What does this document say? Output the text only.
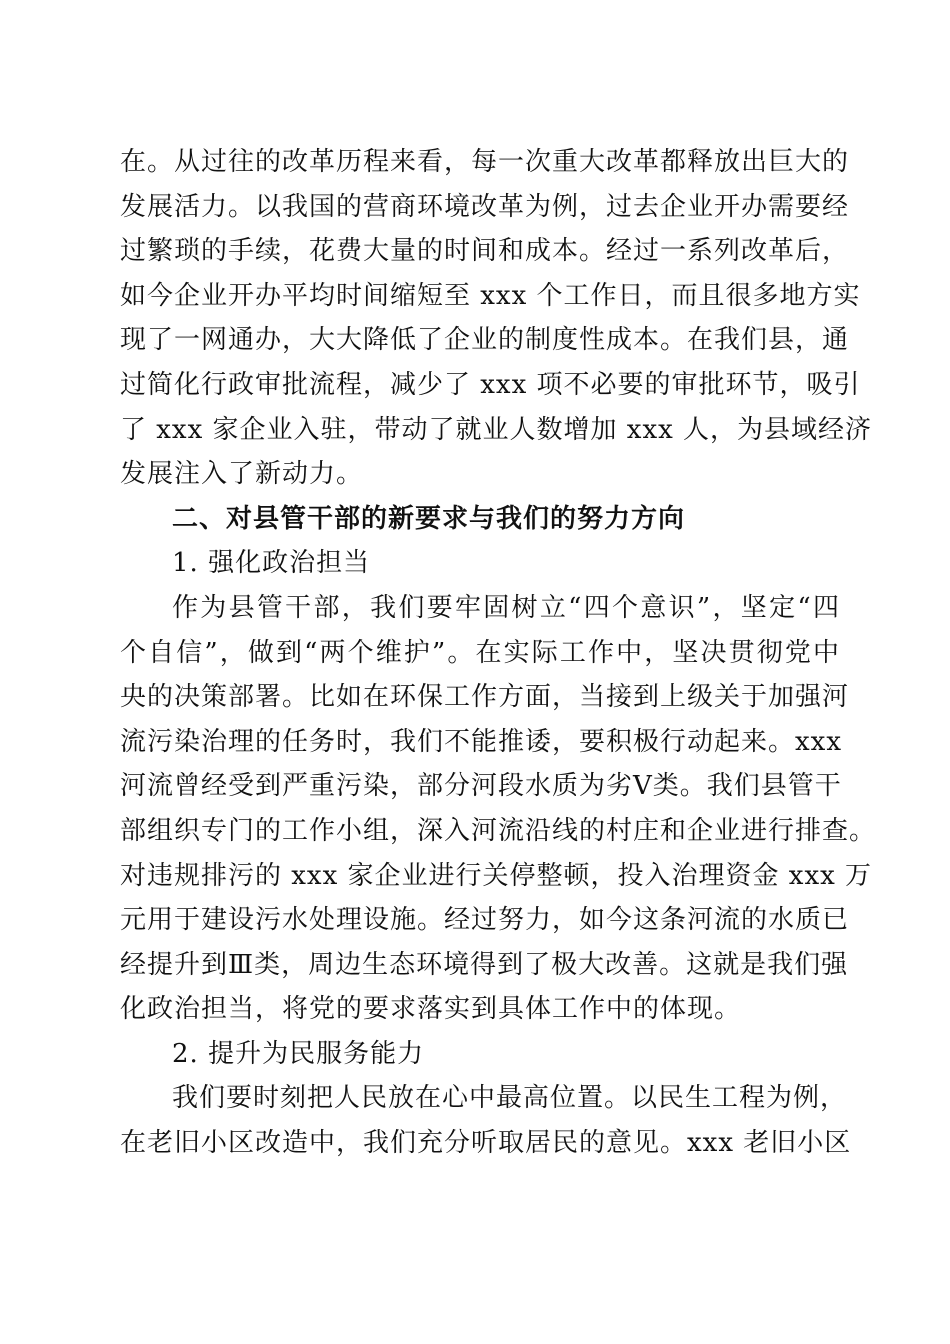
在。从过往的改革历程来看，每一次重大改革都释放出巨大的
发展活力。以我国的营商环境改革为例，过去企业开办需要经
过繁琐的手续，花费大量的时间和成本。经过一系列改革后，
如今企业开办平均时间缩短至 xxx 个工作日，而且很多地方实
现了一网通办，大大降低了企业的制度性成本。在我们县，通
过简化行政审批流程，减少了 xxx 项不必要的审批环节，吸引
了 xxx 家企业入驻，带动了就业人数增加 xxx 人，为县域经济
发展注入了新动力。
二、对县管干部的新要求与我们的努力方向
1. 强化政治担当
作为县管干部，我们要牢固树立“四个意识”，坚定“四
个自信”，做到“两个维护”。在实际工作中，坚决贯彻党中
央的决策部署。比如在环保工作方面，当接到上级关于加强河
流污染治理的任务时，我们不能推诿，要积极行动起来。xxx
河流曾经受到严重污染，部分河段水质为劣Ⅴ类。我们县管干
部组织专门的工作小组，深入河流沿线的村庄和企业进行排查。
对违规排污的 xxx 家企业进行关停整顿，投入治理资金 xxx 万
元用于建设污水处理设施。经过努力，如今这条河流的水质已
经提升到Ⅲ类，周边生态环境得到了极大改善。这就是我们强
化政治担当，将党的要求落实到具体工作中的体现。
2. 提升为民服务能力
我们要时刻把人民放在心中最高位置。以民生工程为例，
在老旧小区改造中，我们充分听取居民的意见。xxx 老旧小区
